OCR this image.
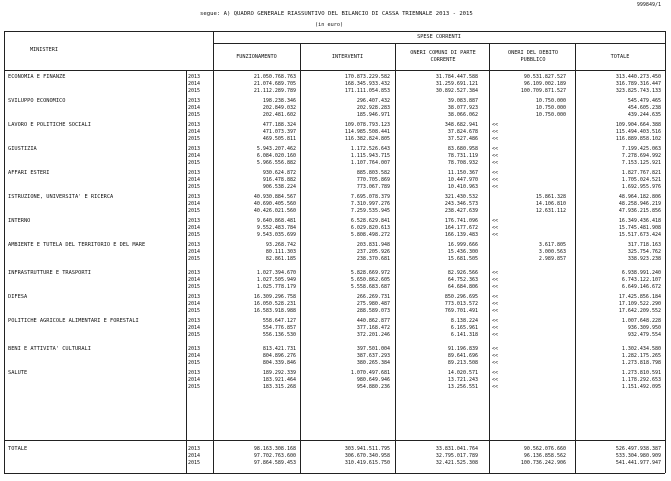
999849/1
segue: A) QUADRO GENERALE RIASSUNTIVO DEL BILANCIO DI CASSA TRIENNALE 2013 - 2015
(in euro)
MINISTERI
SPESE CORRENTI
FUNZIONAMENTO	INTERVENTI
ONERI COMUNI DI PARTE CORRENTE
ONERI DEL DEBITO PUBBLICO	TOTALE
ECONOMIA E FINANZE	2013	21.050.768.763	170.873.229.582	31.784.447.588	90.531.827.527	313.440.273.450
2014	21.074.689.705	168.345.933.432	31.259.691.121	96.109.002.189	316.789.316.447
2015	21.112.289.789	171.111.054.853	30.892.527.384	100.709.871.527	323.825.743.133
SVILUPPO ECONOMICO	2013	198.238.346	296.407.432	39.083.887	10.750.000	545.479.465
2014	202.849.032	202.928.283	38.077.923	10.750.000	454.605.238
2015	202.481.602	185.946.971	38.066.062	10.750.000	439.244.635
LAVORO E POLITICHE SOCIALI	2013	477.188.324	109.078.793.123	348.682.941	<<	109.904.664.388
2014	471.073.397	114.985.508.441	37.824.678	<<	115.494.403.516
2015	469.505.811	116.382.824.805	37.527.486	<<	116.889.858.102
GIUSTIZIA	2013	5.943.207.462	1.172.526.643	83.680.958	<<	7.199.425.063
2014	6.084.020.160	1.115.943.715	78.731.119	<<	7.278.694.992
2015	5.966.556.882	1.107.764.007	78.708.932	<<	7.153.125.921
AFFARI ESTERI	2013	930.624.872	885.803.582	11.150.367	<<	1.827.767.821
2014	916.478.882	770.705.869	10.447.970	<<	1.705.024.521
2015	906.538.224	773.067.789	10.410.963	<<	1.692.955.976
ISTRUZIONE, UNIVERSITA' E RICERCA	2013	40.930.884.567	7.695.078.379	321.430.532	15.861.328	48.964.182.806
2014	40.690.405.560	7.310.997.276	243.346.573	14.106.810	48.258.946.219
2015	40.426.021.560	7.259.535.945	238.427.639	12.631.112	47.936.215.856
INTERNO	2013	9.640.868.481	6.528.629.841	176.741.096	<<	16.349.436.418
2014	9.552.483.784	6.029.820.613	164.177.672	<<	15.745.481.908
2015	9.543.035.699	5.808.498.272	166.139.483	<<	15.517.673.424
AMBIENTE E TUTELA DEL TERRITORIO E DEL MARE	2013	93.268.742	203.831.948	16.999.666	3.617.805	317.718.163
2014	80.111.303	237.205.926	15.436.300	3.000.563	325.754.762
2015	82.861.185	238.370.681	15.681.505	2.989.857	338.923.238
INFRASTRUTTURE E TRASPORTI	2013	1.027.394.670	5.828.669.972	82.926.566	<<	6.938.991.240
2014	1.027.505.949	5.650.862.605	64.752.363	<<	6.743.122.107
2015	1.025.778.179	5.558.683.687	64.684.806	<<	6.649.146.672
DIFESA	2013	16.309.296.758	266.269.731	850.296.695	<<	17.425.856.184
2014	16.050.528.231	275.980.487	773.013.572	<<	17.109.522.290
2015	16.583.918.988	288.589.073	769.701.491	<<	17.642.209.552
POLITICHE AGRICOLE ALIMENTARI E FORESTALI	2013	558.647.127	440.862.877	8.138.224	<<	1.007.648.228
2014	554.776.857	377.168.472	6.165.961	<<	936.309.950
2015	556.136.530	372.201.246	6.141.318	<<	932.479.554
BENI E ATTIVITA' CULTURALI	2013	813.421.731	397.501.004	91.196.839	<<	1.302.434.580
2014	804.896.276	387.637.293	89.641.696	<<	1.282.175.265
2015	804.339.846	380.265.384	89.213.508	<<	1.273.818.798
SALUTE	2013	189.292.339	1.070.497.681	14.020.571	<<	1.273.810.591
2014	183.921.464	980.649.946	13.721.243	<<	1.178.292.653
2015	183.315.268	954.880.236	13.256.551	<<	1.151.492.095
TOTALE	2013	98.163.308.168	303.941.511.795	33.831.041.764	90.562.076.660	526.497.938.387
2014	97.702.763.600	306.670.340.958	32.795.017.789	96.136.858.562	533.304.980.909
2015	97.864.589.453	310.419.615.750	32.421.525.308	100.736.242.906	541.441.977.947
